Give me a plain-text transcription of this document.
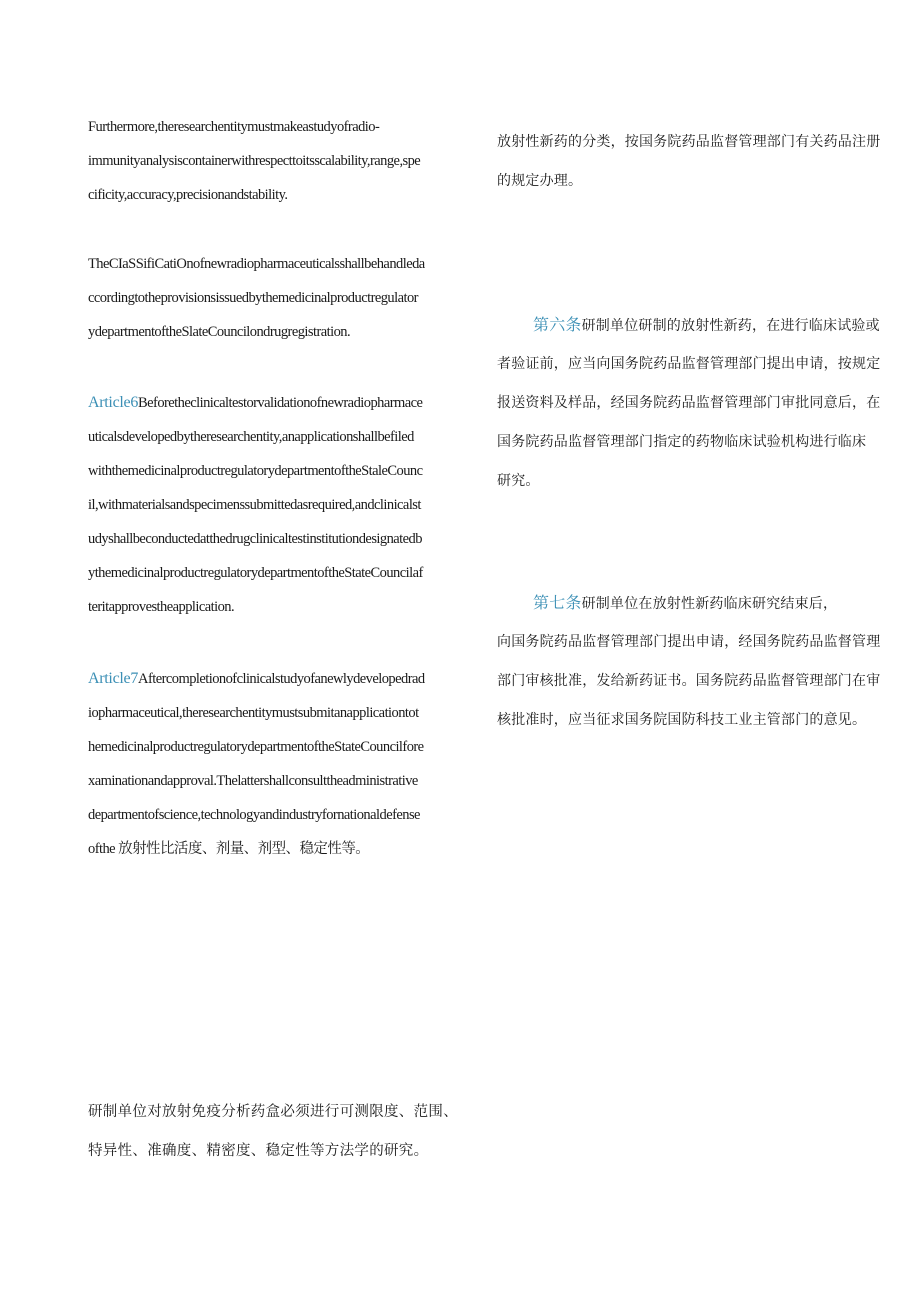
Furthermore,theresearchentitymustmakeastudyofradio-
immunityanalysiscontainerwithrespecttoitsscalability,range,spe
cificity,accuracy,precisionandstability.
TheCIaSSifiCatiOnofnewradiopharmaceuticalsshallbehandleda
ccordingtotheprovisionsissuedbythemedicinalproductregulator
ydepartmentoftheSlateCouncilondrugregistration.
Article6Beforetheclinicaltestorvalidationofnewradiopharmace
uticalsdevelopedbytheresearchentity,anapplicationshallbefiled
withthemedicinalproductregulatorydepartmentoftheStaleCounc
il,withmaterialsandspecimenssubmittedasrequired,andclinicalst
udyshallbeconductedatthedrugclinicaltestinstitutiondesignatedb
ythemedicinalproductregulatorydepartmentoftheStateCouncilaf
teritapprovestheapplication.
Article7Aftercompletionofclinicalstudyofanewlydevelopedrad
iopharmaceutical,theresearchentitymustsubmitanapplicationtot
hemedicinalproductregulatorydepartmentoftheStateCouncilfore
xaminationandapproval.Thelattershallconsulttheadministrative
departmentofscience,technologyandindustryfornationaldefense
ofthe 放射性比活度、剂量、剂型、稳定性等。
研制单位对放射免疫分析药盒必须进行可测限度、范围、
特异性、准确度、精密度、稳定性等方法学的研究。
放射性新药的分类，按国务院药品监督管理部门有关药品注册
的规定办理。
第六条研制单位研制的放射性新药，在进行临床试验或
者验证前，应当向国务院药品监督管理部门提出申请，按规定
报送资料及样品，经国务院药品监督管理部门审批同意后，在
国务院药品监督管理部门指定的药物临床试验机构进行临床
研究。
第七条研制单位在放射性新药临床研究结束后，
向国务院药品监督管理部门提出申请，经国务院药品监督管理
部门审核批准，发给新药证书。国务院药品监督管理部门在审
核批准时，应当征求国务院国防科技工业主管部门的意见。
